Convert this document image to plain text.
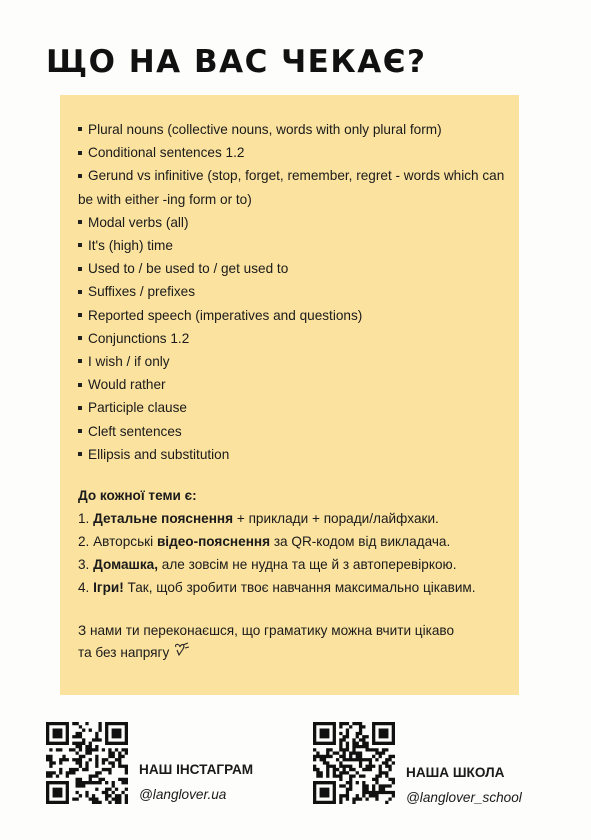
ЩО НА ВАС ЧЕКАЄ?
Plural nouns (collective nouns, words with only plural form)
Conditional sentences 1.2
Gerund vs infinitive (stop, forget, remember, regret - words which can be with either -ing form or to)
Modal verbs (all)
It's (high) time
Used to / be used to / get used to
Suffixes / prefixes
Reported speech (imperatives and questions)
Conjunctions 1.2
I wish / if only
Would rather
Participle clause
Cleft sentences
Ellipsis and substitution
До кожної теми є:
1. Детальне пояснення + приклади + поради/лайфхаки.
2. Авторські відео-пояснення за QR-кодом від викладача.
3. Домашка, але зовсім не нудна та ще й з автоперевіркою.
4. Ігри! Так, щоб зробити твоє навчання максимально цікавим.
З нами ти переконаєшся, що граматику можна вчити цікаво
та без напрягу
НАШ ІНСТАГРАМ
@langlover.ua
НАША ШКОЛА
@langlover_school
